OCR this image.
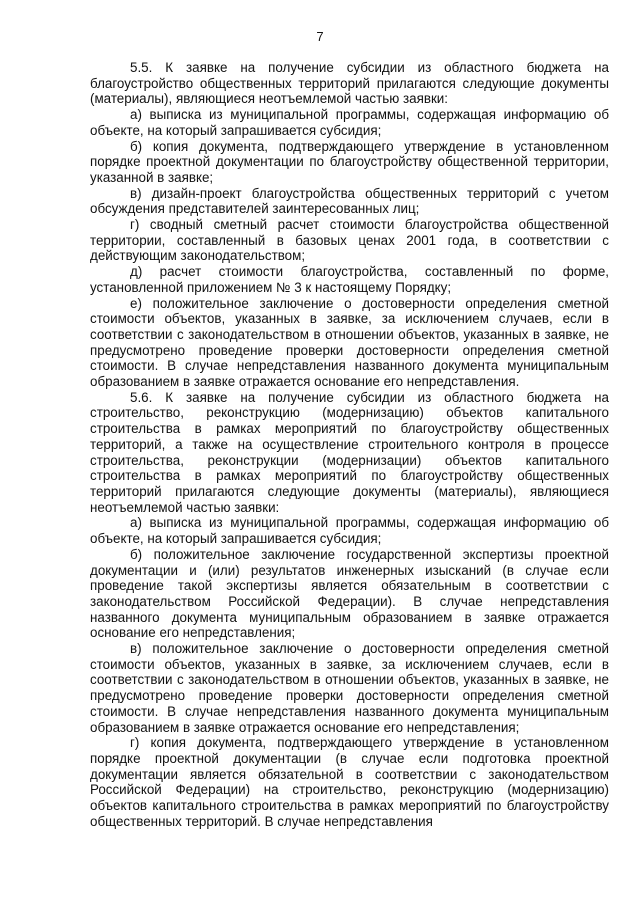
7

5.5. К заявке на получение субсидии из областного бюджета на благоустройство общественных территорий прилагаются следующие документы (материалы), являющиеся неотъемлемой частью заявки:

а) выписка из муниципальной программы, содержащая информацию об объекте, на который запрашивается субсидия;

б) копия документа, подтверждающего утверждение в установленном порядке проектной документации по благоустройству общественной территории, указанной в заявке;

в) дизайн-проект благоустройства общественных территорий с учетом обсуждения представителей заинтересованных лиц;

г) сводный сметный расчет стоимости благоустройства общественной территории, составленный в базовых ценах 2001 года, в соответствии с действующим законодательством;

д) расчет стоимости благоустройства, составленный по форме, установленной приложением № 3 к настоящему Порядку;

е) положительное заключение о достоверности определения сметной стоимости объектов, указанных в заявке, за исключением случаев, если в соответствии с законодательством в отношении объектов, указанных в заявке, не предусмотрено проведение проверки достоверности определения сметной стоимости. В случае непредставления названного документа муниципальным образованием в заявке отражается основание его непредставления.

5.6. К заявке на получение субсидии из областного бюджета на строительство, реконструкцию (модернизацию) объектов капитального строительства в рамках мероприятий по благоустройству общественных территорий, а также на осуществление строительного контроля в процессе строительства, реконструкции (модернизации) объектов капитального строительства в рамках мероприятий по благоустройству общественных территорий прилагаются следующие документы (материалы), являющиеся неотъемлемой частью заявки:

а) выписка из муниципальной программы, содержащая информацию об объекте, на который запрашивается субсидия;

б) положительное заключение государственной экспертизы проектной документации и (или) результатов инженерных изысканий (в случае если проведение такой экспертизы является обязательным в соответствии с законодательством Российской Федерации). В случае непредставления названного документа муниципальным образованием в заявке отражается основание его непредставления;

в) положительное заключение о достоверности определения сметной стоимости объектов, указанных в заявке, за исключением случаев, если в соответствии с законодательством в отношении объектов, указанных в заявке, не предусмотрено проведение проверки достоверности определения сметной стоимости. В случае непредставления названного документа муниципальным образованием в заявке отражается основание его непредставления;

г) копия документа, подтверждающего утверждение в установленном порядке проектной документации (в случае если подготовка проектной документации является обязательной в соответствии с законодательством Российской Федерации) на строительство, реконструкцию (модернизацию) объектов капитального строительства в рамках мероприятий по благоустройству общественных территорий. В случае непредставления
